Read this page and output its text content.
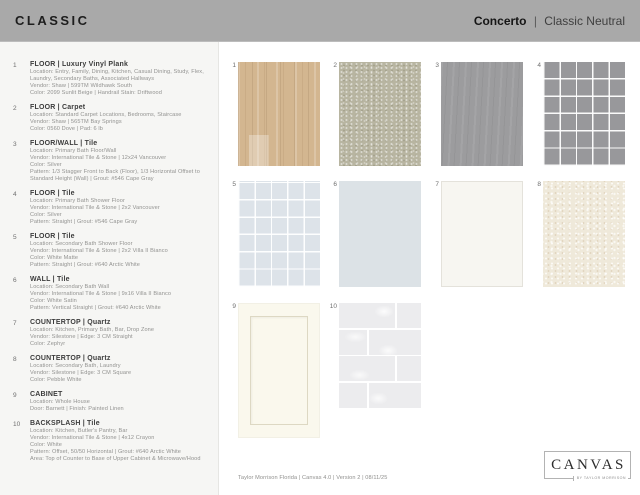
CLASSIC	Concerto | Classic Neutral
1	FLOOR | Luxury Vinyl Plank
Location: Entry, Family, Dining, Kitchen, Casual Dining, Study, Flex, Laundry, Secondary Baths, Associated Hallways
Vendor: Shaw | 599TM Wildhawk South
Color: 2099 Sunlit Beige | Handrail Stain: Driftwood
2	FLOOR | Carpet
Location: Standard Carpet Locations, Bedrooms, Staircase
Vendor: Shaw | 565TM Bay Springs
Color: 0560 Dove | Pad: 6 lb
3	FLOOR/WALL | Tile
Location: Primary Bath Floor/Wall
Vendor: International Tile & Stone | 12x24 Vancouver
Color: Silver
Pattern: 1/3 Stagger Front to Back (Floor), 1/3 Horizontal Offset to Standard Height (Wall) | Grout: #546 Cape Gray
4	FLOOR | Tile
Location: Primary Bath Shower Floor
Vendor: International Tile & Stone | 2x2 Vancouver
Color: Silver
Pattern: Straight | Grout: #546 Cape Gray
5	FLOOR | Tile
Location: Secondary Bath Shower Floor
Vendor: International Tile & Stone | 2x2 Villa II Bianco
Color: White Matte
Pattern: Straight | Grout: #640 Arctic White
6	WALL | Tile
Location: Secondary Bath Wall
Vendor: International Tile & Stone | 9x16 Villa II Bianco
Color: White Satin
Pattern: Vertical Straight | Grout: #640 Arctic White
7	COUNTERTOP | Quartz
Location: Kitchen, Primary Bath, Bar, Drop Zone
Vendor: Silestone | Edge: 3 CM Straight
Color: Zephyr
8	COUNTERTOP | Quartz
Location: Secondary Bath, Laundry
Vendor: Silestone | Edge: 3 CM Square
Color: Pebble White
9	CABINET
Location: Whole House
Door: Barnett | Finish: Painted Linen
10	BACKSPLASH | Tile
Location: Kitchen, Butler's Pantry, Bar
Vendor: International Tile & Stone | 4x12 Crayon
Color: White
Pattern: Offset, 50/50 Horizontal | Grout: #640 Arctic White
Area: Top of Counter to Base of Upper Cabinet & Microwave/Hood
Taylor Morrison Florida | Canvas 4.0 | Version 2 | 08/11/25
CANVAS
BY TAYLOR MORRISON
1	2	3	4
5	6	7	8
9	10
